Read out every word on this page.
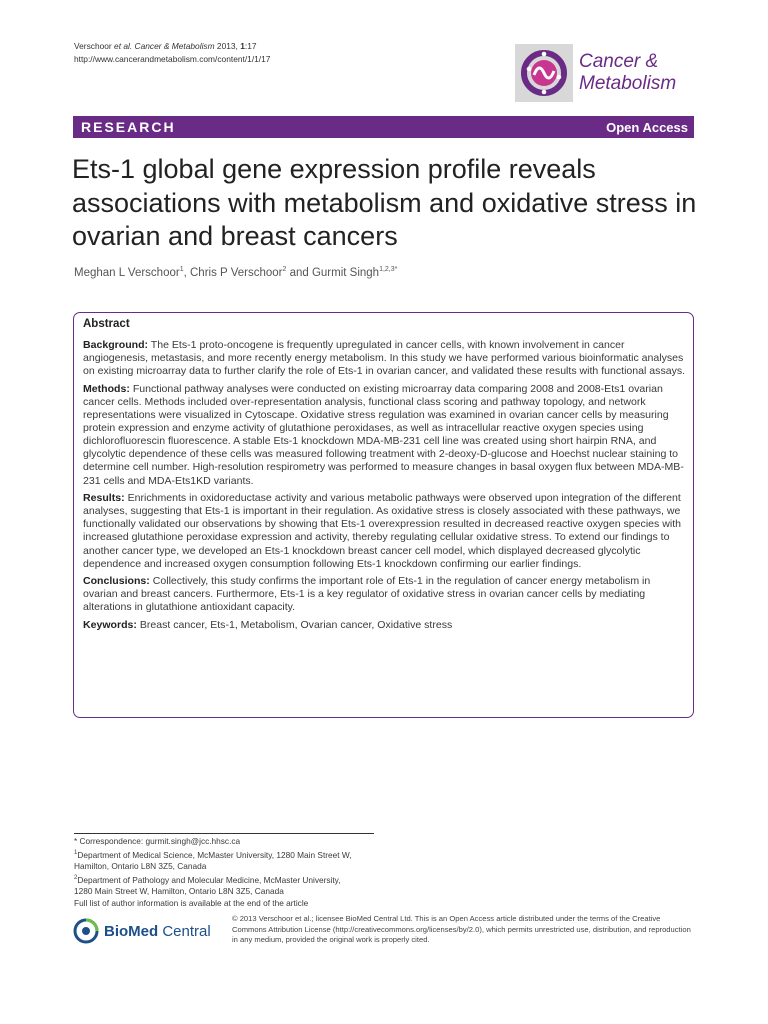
Verschoor et al. Cancer & Metabolism 2013, 1:17
http://www.cancerandmetabolism.com/content/1/1/17	Cancer &
Metabolism
RESEARCH	Open Access
Ets-1 global gene expression profile reveals associations with metabolism and oxidative stress in ovarian and breast cancers
Meghan L Verschoor$^1$, Chris P Verschoor$^2$ and Gurmit Singh$^{1,2,3*}$
Abstract

Background: The Ets-1 proto-oncogene is frequently upregulated in cancer cells, with known involvement in cancer angiogenesis, metastasis, and more recently energy metabolism. In this study we have performed various bioinformatic analyses on existing microarray data to further clarify the role of Ets-1 in ovarian cancer, and validated these results with functional assays.

Methods: Functional pathway analyses were conducted on existing microarray data comparing 2008 and 2008-Ets1 ovarian cancer cells. Methods included over-representation analysis, functional class scoring and pathway topology, and network representations were visualized in Cytoscape. Oxidative stress regulation was examined in ovarian cancer cells by measuring protein expression and enzyme activity of glutathione peroxidases, as well as intracellular reactive oxygen species using dichlorofluorescin fluorescence. A stable Ets-1 knockdown MDA-MB-231 cell line was created using short hairpin RNA, and glycolytic dependence of these cells was measured following treatment with 2-deoxy-D-glucose and Hoechst nuclear staining to determine cell number. High-resolution respirometry was performed to measure changes in basal oxygen flux between MDA-MB-231 cells and MDA-Ets1KD variants.

Results: Enrichments in oxidoreductase activity and various metabolic pathways were observed upon integration of the different analyses, suggesting that Ets-1 is important in their regulation. As oxidative stress is closely associated with these pathways, we functionally validated our observations by showing that Ets-1 overexpression resulted in decreased reactive oxygen species with increased glutathione peroxidase expression and activity, thereby regulating cellular oxidative stress. To extend our findings to another cancer type, we developed an Ets-1 knockdown breast cancer cell model, which displayed decreased glycolytic dependence and increased oxygen consumption following Ets-1 knockdown confirming our earlier findings.

Conclusions: Collectively, this study confirms the important role of Ets-1 in the regulation of cancer energy metabolism in ovarian and breast cancers. Furthermore, Ets-1 is a key regulator of oxidative stress in ovarian cancer cells by mediating alterations in glutathione antioxidant capacity.

Keywords: Breast cancer, Ets-1, Metabolism, Ovarian cancer, Oxidative stress

* Correspondence: gurmit.singh@jcc.hhsc.ca
$^1$Department of Medical Science, McMaster University, 1280 Main Street W,
Hamilton, Ontario L8N 3Z5, Canada
$^2$Department of Pathology and Molecular Medicine, McMaster University,
1280 Main Street W, Hamilton, Ontario L8N 3Z5, Canada
Full list of author information is available at the end of the article
BioMed Central
© 2013 Verschoor et al.; licensee BioMed Central Ltd. This is an Open Access article distributed under the terms of the Creative Commons Attribution License (http://creativecommons.org/licenses/by/2.0), which permits unrestricted use, distribution, and reproduction in any medium, provided the original work is properly cited.
